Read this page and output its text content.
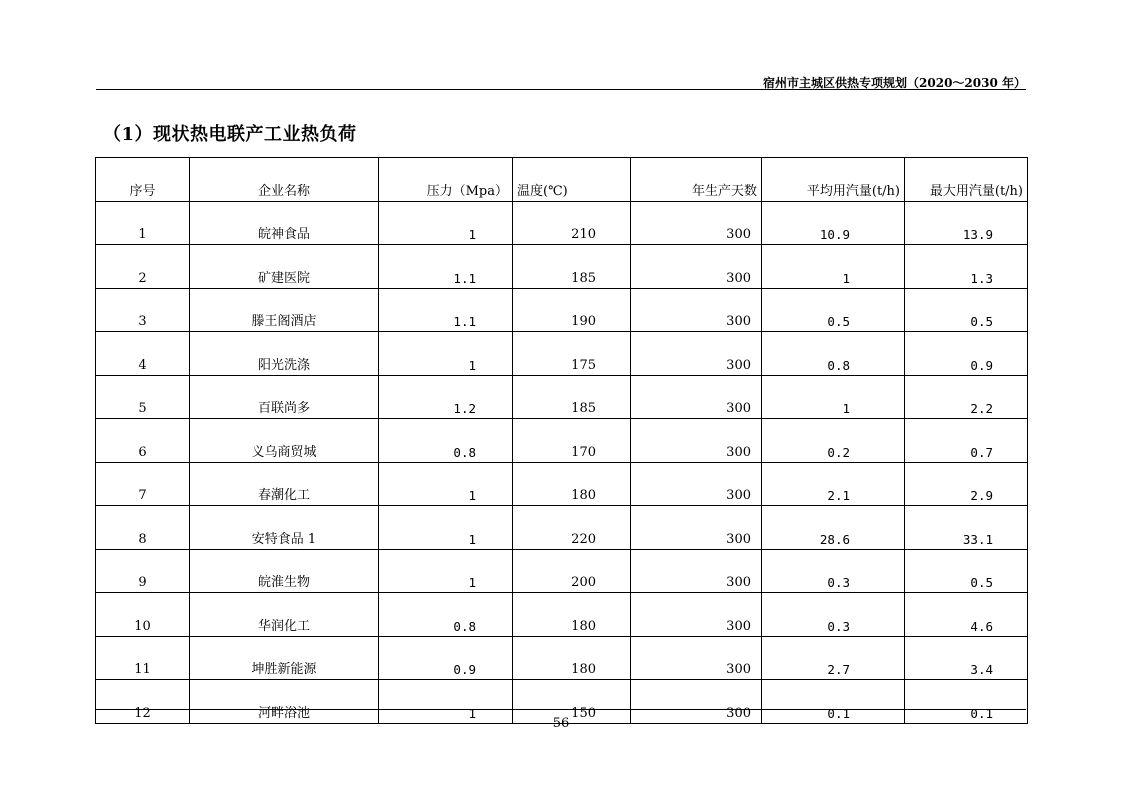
宿州市主城区供热专项规划（2020～2030 年）
（1）现状热电联产工业热负荷
序号	企业名称	压力（Mpa）	温度(℃)	年生产天数	平均用汽量(t/h)	最大用汽量(t/h)
1	皖神食品	1	210	300	10.9	13.9
2	矿建医院	1.1	185	300	1	1.3
3	滕王阁酒店	1.1	190	300	0.5	0.5
4	阳光洗涤	1	175	300	0.8	0.9
5	百联尚多	1.2	185	300	1	2.2
6	义乌商贸城	0.8	170	300	0.2	0.7
7	春潮化工	1	180	300	2.1	2.9
8	安特食品 1	1	220	300	28.6	33.1
9	皖淮生物	1	200	300	0.3	0.5
10	华润化工	0.8	180	300	0.3	4.6
11	坤胜新能源	0.9	180	300	2.7	3.4
12	河畔浴池	1	150	300	0.1	0.1
56
